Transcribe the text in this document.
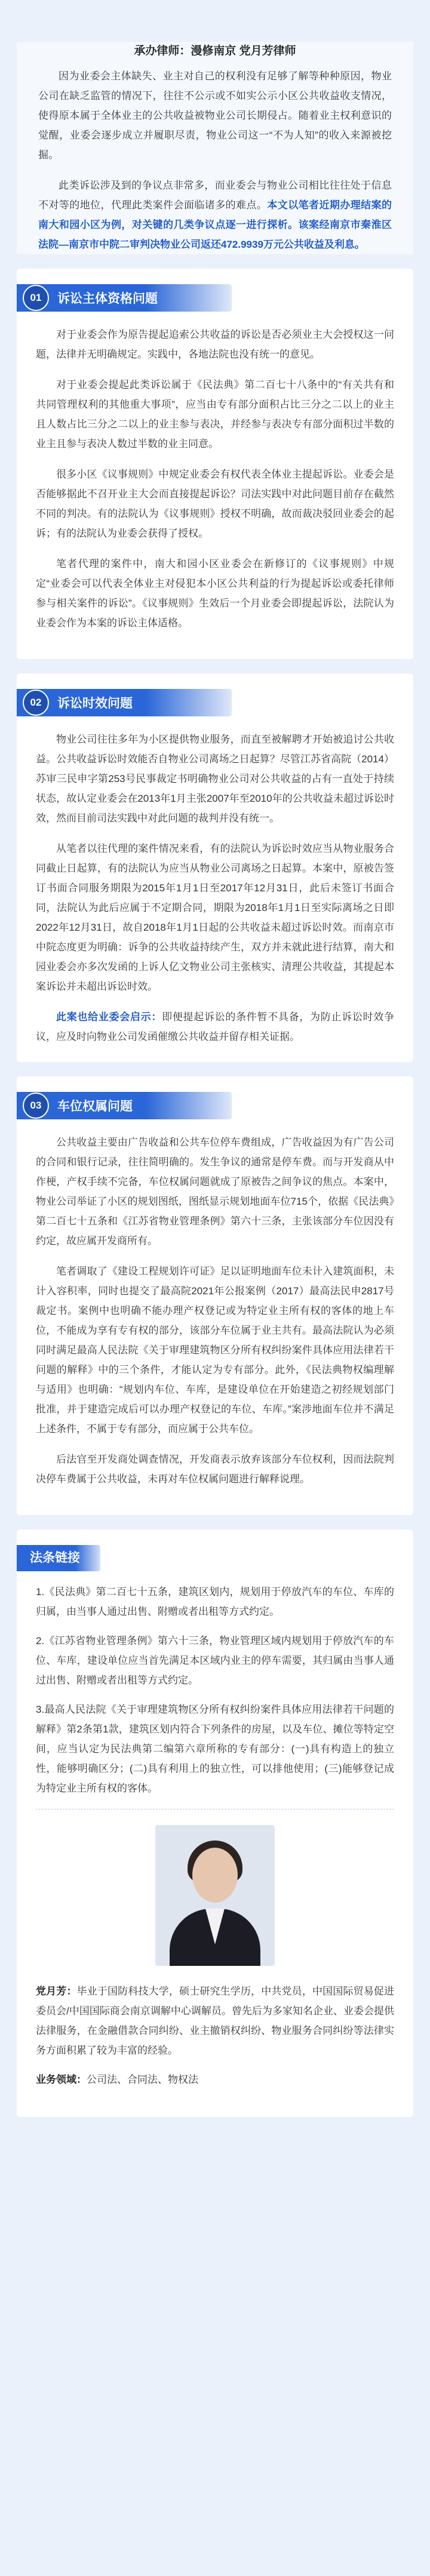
承办律师：漫修南京 党月芳律师

因为业委会主体缺失、业主对自己的权利没有足够了解等种种原因，物业公司在缺乏监管的情况下，往往不公示或不如实公示小区公共收益收支情况，使得原本属于全体业主的公共收益被物业公司长期侵占。随着业主权利意识的觉醒，业委会逐步成立并履职尽责，物业公司这一“不为人知”的收入来源被挖掘。

此类诉讼涉及到的争议点非常多，而业委会与物业公司相比往往处于信息不对等的地位，代理此类案件会面临诸多的难点。本文以笔者近期办理结案的南大和园小区为例，对关键的几类争议点逐一进行探析。该案经南京市秦淮区法院—南京市中院二审判决物业公司返还472.9939万元公共收益及利息。

01	诉讼主体资格问题

对于业委会作为原告提起追索公共收益的诉讼是否必须业主大会授权这一问题，法律并无明确规定。实践中，各地法院也没有统一的意见。

对于业委会提起此类诉讼属于《民法典》第二百七十八条中的“有关共有和共同管理权利的其他重大事项”，应当由专有部分面积占比三分之二以上的业主且人数占比三分之二以上的业主参与表决，并经参与表决专有部分面积过半数的业主且参与表决人数过半数的业主同意。

很多小区《议事规则》中规定业委会有权代表全体业主提起诉讼。业委会是否能够据此不召开业主大会而直接提起诉讼？司法实践中对此问题目前存在截然不同的判决。有的法院认为《议事规则》授权不明确，故而裁决驳回业委会的起诉；有的法院认为业委会获得了授权。

笔者代理的案件中，南大和园小区业委会在新修订的《议事规则》中规定“业委会可以代表全体业主对侵犯本小区公共利益的行为提起诉讼或委托律师参与相关案件的诉讼”。《议事规则》生效后一个月业委会即提起诉讼，法院认为业委会作为本案的诉讼主体适格。

02	诉讼时效问题

物业公司往往多年为小区提供物业服务，而直至被解聘才开始被追讨公共收益。公共收益诉讼时效能否自物业公司离场之日起算？尽管江苏省高院（2014）苏审三民申字第253号民事裁定书明确物业公司对公共收益的占有一直处于持续状态，故认定业委会在2013年1月主张2007年至2010年的公共收益未超过诉讼时效，然而目前司法实践中对此问题的裁判并没有统一。

从笔者以往代理的案件情况来看，有的法院认为诉讼时效应当从物业服务合同截止日起算，有的法院认为应当从物业公司离场之日起算。本案中，原被告签订书面合同服务期限为2015年1月1日至2017年12月31日，此后未签订书面合同，法院认为此后应属于不定期合同，期限为2018年1月1日至实际离场之日即2022年12月31日，故自2018年1月1日起的公共收益未超过诉讼时效。而南京市中院态度更为明确：诉争的公共收益持续产生，双方并未就此进行结算，南大和园业委会亦多次发函的上诉人亿文物业公司主张核实、清理公共收益，其提起本案诉讼并未超出诉讼时效。

此案也给业委会启示：即便提起诉讼的条件暂不具备，为防止诉讼时效争议，应及时向物业公司发函催缴公共收益并留存相关证据。

03	车位权属问题

公共收益主要由广告收益和公共车位停车费组成，广告收益因为有广告公司的合同和银行记录，往往简明确的。发生争议的通常是停车费。而与开发商从中作梗，产权手续不完备，车位权属问题就成了原被告之间争议的焦点。本案中，物业公司举证了小区的规划图纸，图纸显示规划地面车位715个，依据《民法典》第二百七十五条和《江苏省物业管理条例》第六十三条，主张该部分车位因没有约定，故应属开发商所有。

笔者调取了《建设工程规划许可证》足以证明地面车位未计入建筑面积，未计入容积率，同时也提交了最高院2021年公报案例（2017）最高法民申2817号裁定书。案例中也明确不能办理产权登记或为特定业主所有权的客体的地上车位，不能成为享有专有权的部分，该部分车位属于业主共有。最高法院认为必须同时满足最高人民法院《关于审理建筑物区分所有权纠纷案件具体应用法律若干问题的解释》中的三个条件，才能认定为专有部分。此外，《民法典物权编理解与适用》也明确：“规划内车位、车库，是建设单位在开始建造之初经规划部门批准，并于建造完成后可以办理产权登记的车位、车库。”案涉地面车位并不满足上述条件，不属于专有部分，而应属于公共车位。

后法官至开发商处调查情况，开发商表示放弃该部分车位权利，因而法院判决停车费属于公共收益，未再对车位权属问题进行解释说理。

法条链接

1.《民法典》第二百七十五条，建筑区划内，规划用于停放汽车的车位、车库的归属，由当事人通过出售、附赠或者出租等方式约定。

2.《江苏省物业管理条例》第六十三条，物业管理区域内规划用于停放汽车的车位、车库，建设单位应当首先满足本区域内业主的停车需要，其归属由当事人通过出售、附赠或者出租等方式约定。

3.最高人民法院《关于审理建筑物区分所有权纠纷案件具体应用法律若干问题的解释》第2条第1款，建筑区划内符合下列条件的房屋，以及车位、摊位等特定空间，应当认定为民法典第二编第六章所称的专有部分：(一)具有构造上的独立性，能够明确区分；(二)具有利用上的独立性，可以排他使用；(三)能够登记成为特定业主所有权的客体。

党月芳：毕业于国防科技大学，硕士研究生学历，中共党员，中国国际贸易促进委员会/中国国际商会南京调解中心调解员。曾先后为多家知名企业、业委会提供法律服务，在金融借款合同纠纷、业主撤销权纠纷、物业服务合同纠纷等法律实务方面积累了较为丰富的经验。

业务领域：公司法、合同法、物权法
